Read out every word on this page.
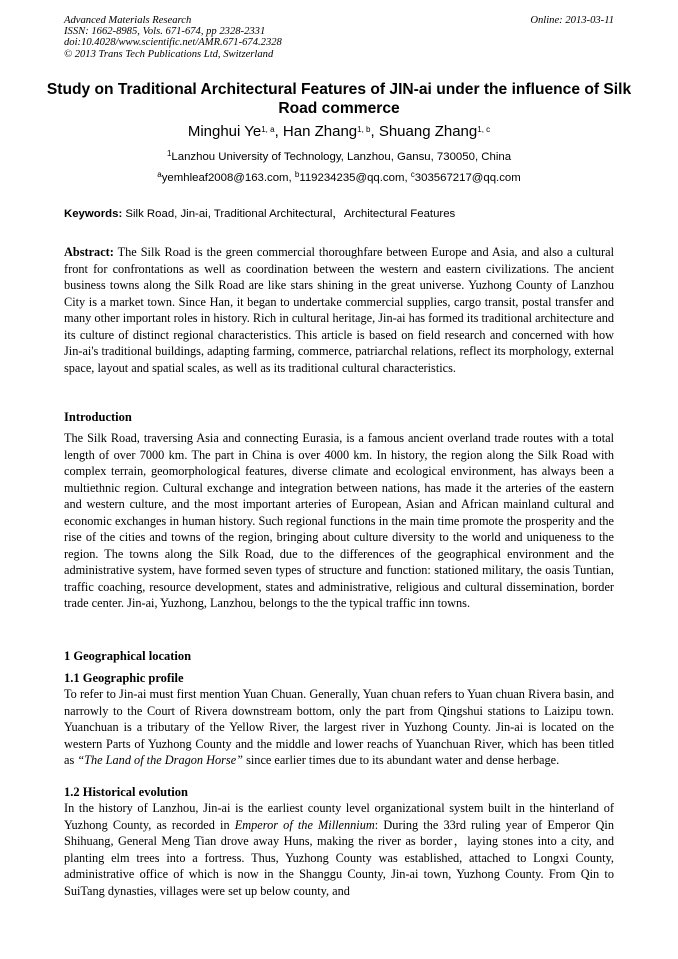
Advanced Materials Research
ISSN: 1662-8985, Vols. 671-674, pp 2328-2331
doi:10.4028/www.scientific.net/AMR.671-674.2328
© 2013 Trans Tech Publications Ltd, Switzerland
Online: 2013-03-11
Study on Traditional Architectural Features of JIN-ai under the influence of Silk Road commerce
Minghui Ye$^{1, a}$, Han Zhang$^{1, b}$, Shuang Zhang$^{1, c}$
$^1$Lanzhou University of Technology, Lanzhou, Gansu, 730050, China
$^a$yemhleaf2008@163.com, $^b$119234235@qq.com, $^c$303567217@qq.com
Keywords: Silk Road, Jin-ai, Traditional Architectural，Architectural Features

Abstract: The Silk Road is the green commercial thoroughfare between Europe and Asia, and also a cultural front for confrontations as well as coordination between the western and eastern civilizations. The ancient business towns along the Silk Road are like stars shining in the great universe. Yuzhong County of Lanzhou City is a market town. Since Han, it began to undertake commercial supplies, cargo transit, postal transfer and many other important roles in history. Rich in cultural heritage, Jin-ai has formed its traditional architecture and its culture of distinct regional characteristics. This article is based on field research and concerned with how Jin-ai's traditional buildings, adapting farming, commerce, patriarchal relations, reflect its morphology, external space, layout and spatial scales, as well as its traditional cultural characteristics.

Introduction

The Silk Road, traversing Asia and connecting Eurasia, is a famous ancient overland trade routes with a total length of over 7000 km. The part in China is over 4000 km. In history, the region along the Silk Road with complex terrain, geomorphological features, diverse climate and ecological environment, has always been a multiethnic region. Cultural exchange and integration between nations, has made it the arteries of the eastern and western culture, and the most important arteries of European, Asian and African mainland cultural and economic exchanges in human history. Such regional functions in the main time promote the prosperity and the rise of the cities and towns of the region, bringing about culture diversity to the world and uniqueness to the region. The towns along the Silk Road, due to the differences of the geographical environment and the administrative system, have formed seven types of structure and function: stationed military, the oasis Tuntian, traffic coaching, resource development, states and administrative, religious and cultural dissemination, border trade center. Jin-ai, Yuzhong, Lanzhou, belongs to the the typical traffic inn towns.

1 Geographical location
1.1 Geographic profile

To refer to Jin-ai must first mention Yuan Chuan. Generally, Yuan chuan refers to Yuan chuan Rivera basin, and narrowly to the Court of Rivera downstream bottom, only the part from Qingshui stations to Laizipu town. Yuanchuan is a tributary of the Yellow River, the largest river in Yuzhong County. Jin-ai is located on the western Parts of Yuzhong County and the middle and lower reachs of Yuanchuan River, which has been titled as “The Land of the Dragon Horse” since earlier times due to its abundant water and dense herbage.

1.2 Historical evolution

In the history of Lanzhou, Jin-ai is the earliest county level organizational system built in the hinterland of Yuzhong County, as recorded in Emperor of the Millennium: During the 33rd ruling year of Emperor Qin Shihuang, General Meng Tian drove away Huns, making the river as border，laying stones into a city, and planting elm trees into a fortress. Thus, Yuzhong County was established, attached to Longxi County, administrative office of which is now in the Shanggu County, Jin-ai town, Yuzhong County. From Qin to SuiTang dynasties, villages were set up below county, and
